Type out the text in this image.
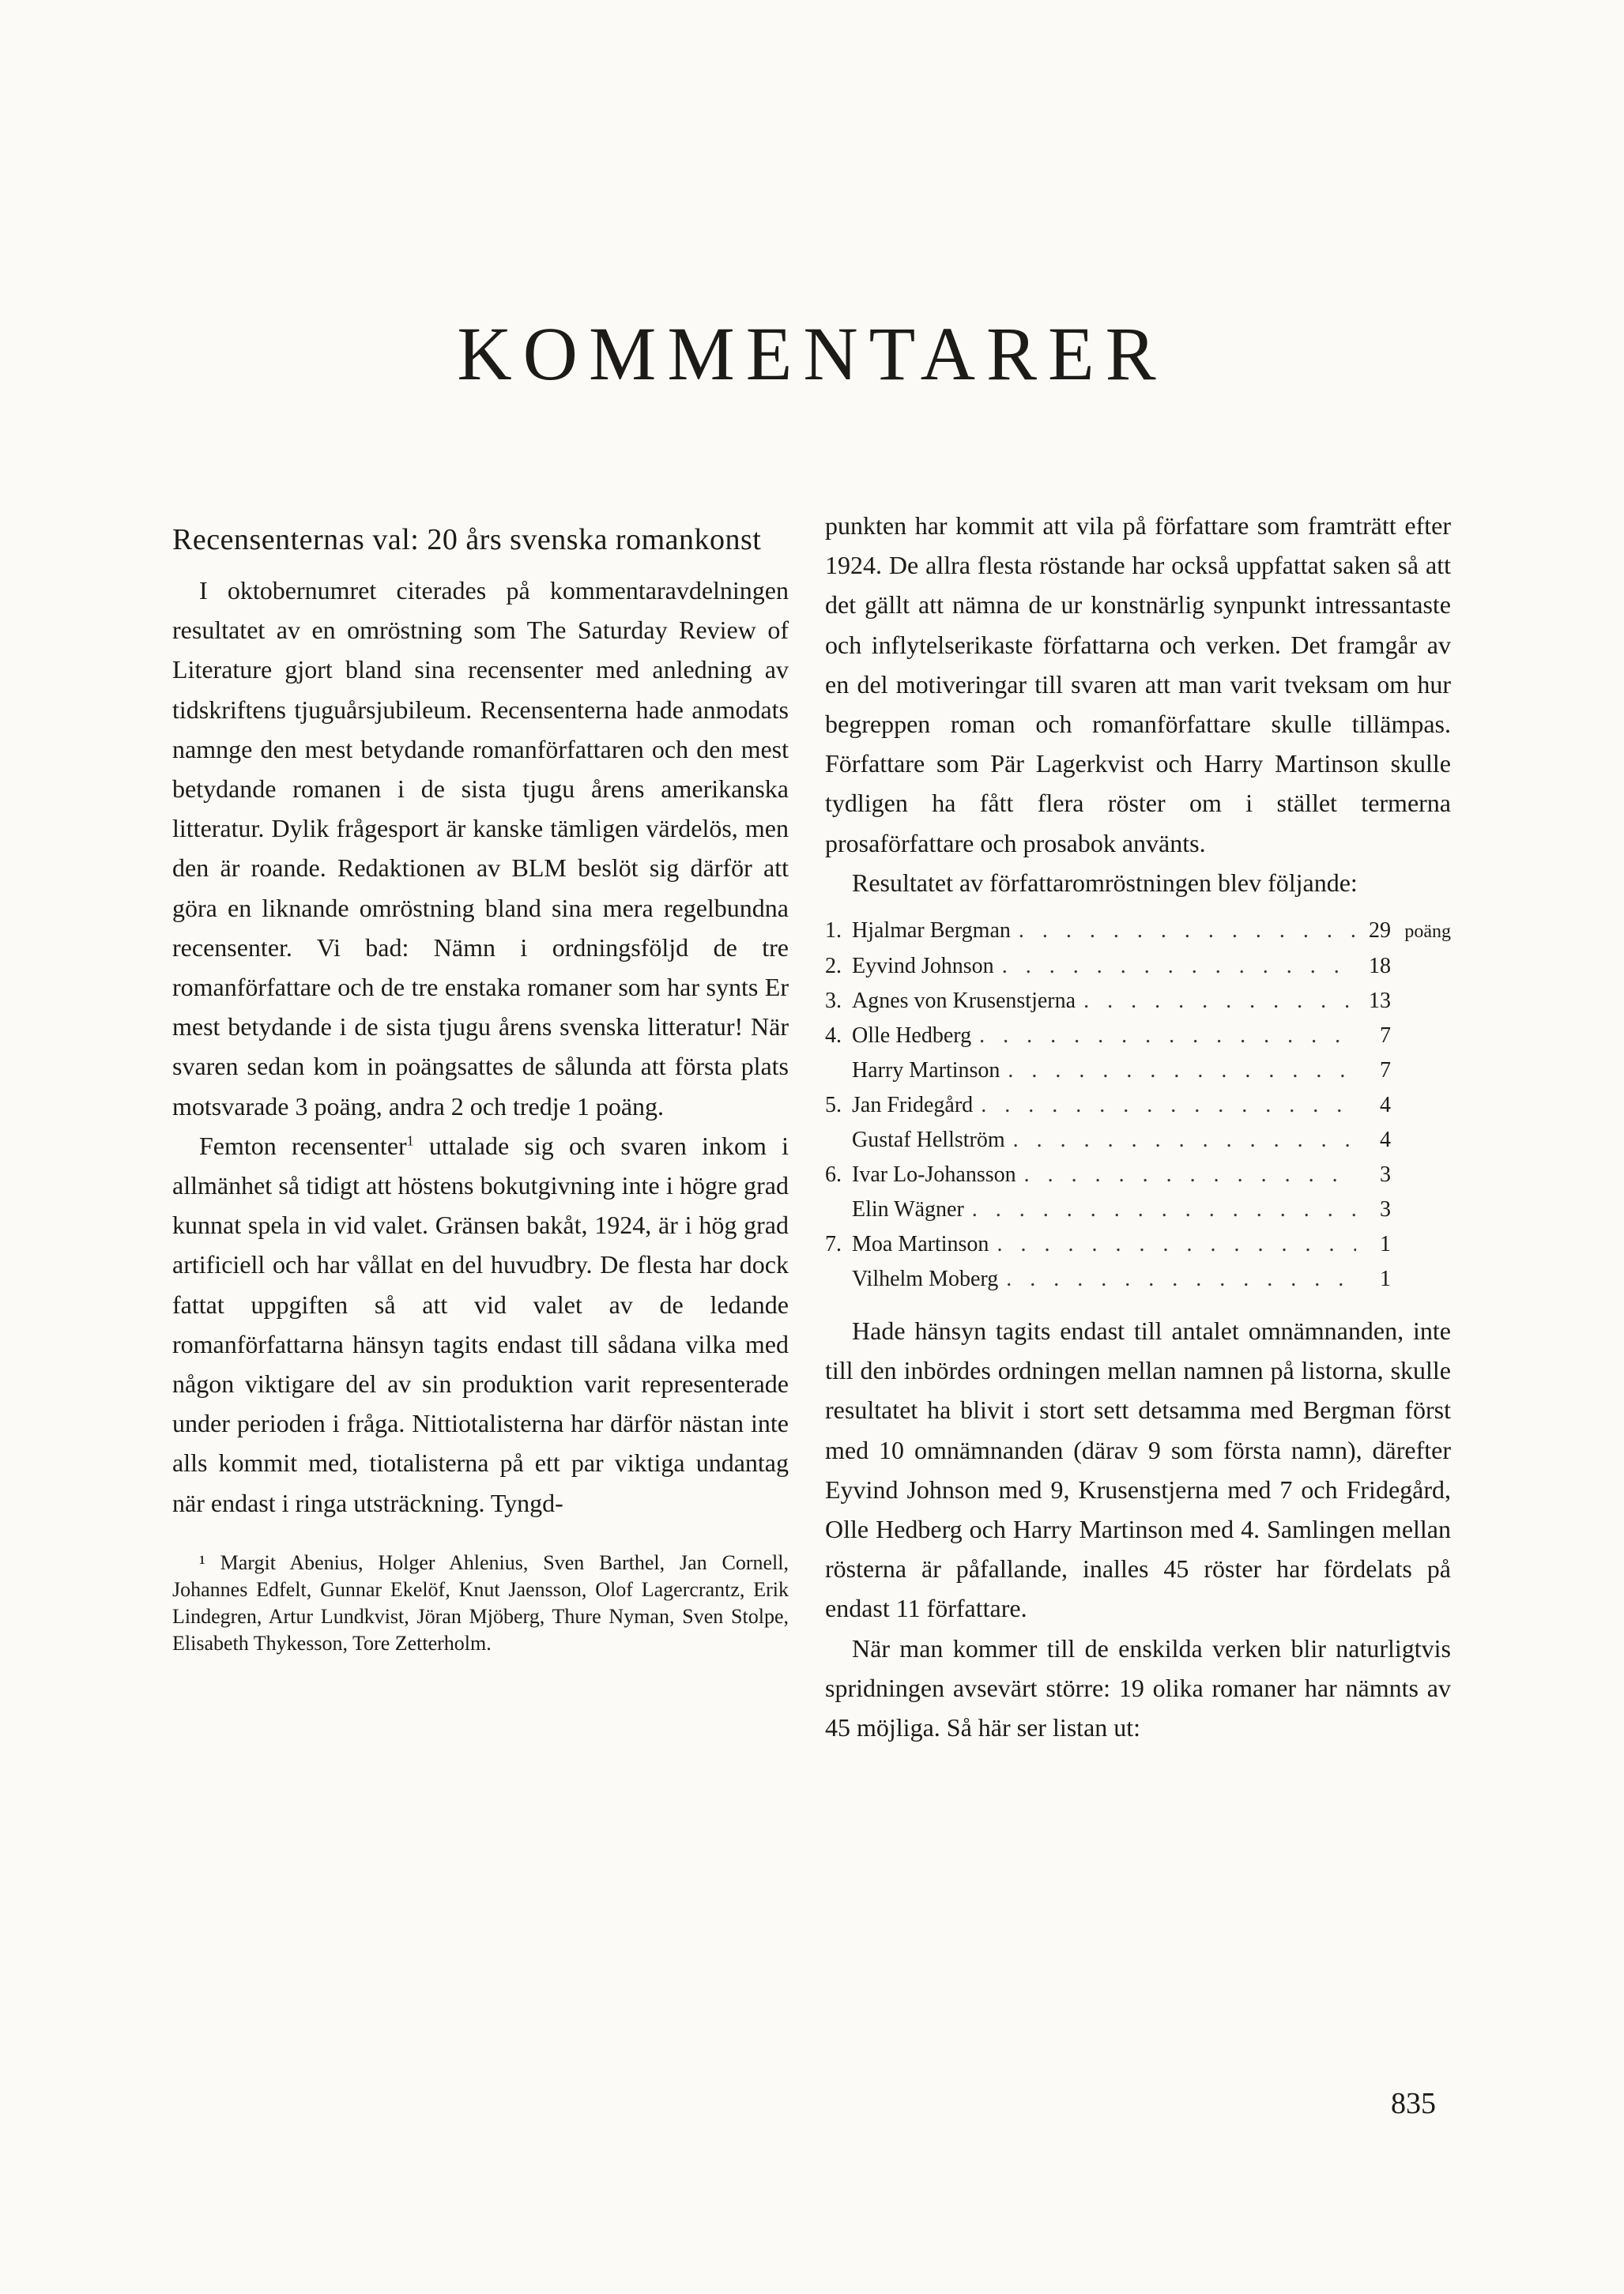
KOMMENTARER
Recensenternas val: 20 års svenska romankonst

I oktobernumret citerades på kommentaravdelningen resultatet av en omröstning som The Saturday Review of Literature gjort bland sina recensenter med anledning av tidskriftens tjuguårsjubileum. Recensenterna hade anmodats namnge den mest betydande romanförfattaren och den mest betydande romanen i de sista tjugu årens amerikanska litteratur. Dylik frågesport är kanske tämligen värdelös, men den är roande. Redaktionen av BLM beslöt sig därför att göra en liknande omröstning bland sina mera regelbundna recensenter. Vi bad: Nämn i ordningsföljd de tre romanförfattare och de tre enstaka romaner som har synts Er mest betydande i de sista tjugu årens svenska litteratur! När svaren sedan kom in poängsattes de sålunda att första plats motsvarade 3 poäng, andra 2 och tredje 1 poäng.

Femton recensenter$^1$ uttalade sig och svaren inkom i allmänhet så tidigt att höstens bokutgivning inte i högre grad kunnat spela in vid valet. Gränsen bakåt, 1924, är i hög grad artificiell och har vållat en del huvudbry. De flesta har dock fattat uppgiften så att vid valet av de ledande romanförfattarna hänsyn tagits endast till sådana vilka med någon viktigare del av sin produktion varit representerade under perioden i fråga. Nittiotalisterna har därför nästan inte alls kommit med, tiotalisterna på ett par viktiga undantag när endast i ringa utsträckning. Tyngd-

¹ Margit Abenius, Holger Ahlenius, Sven Barthel, Jan Cornell, Johannes Edfelt, Gunnar Ekelöf, Knut Jaensson, Olof Lagercrantz, Erik Lindegren, Artur Lundkvist, Jöran Mjöberg, Thure Nyman, Sven Stolpe, Elisabeth Thykesson, Tore Zetterholm.

punkten har kommit att vila på författare som framträtt efter 1924. De allra flesta röstande har också uppfattat saken så att det gällt att nämna de ur konstnärlig synpunkt intressantaste och inflytelserikaste författarna och verken. Det framgår av en del motiveringar till svaren att man varit tveksam om hur begreppen roman och romanförfattare skulle tillämpas. Författare som Pär Lagerkvist och Harry Martinson skulle tydligen ha fått flera röster om i stället termerna prosaförfattare och prosabok använts.

Resultatet av författaromröstningen blev följande:

1. Hjalmar Bergman . . .	29 poäng
2. Eyvind Johnson . . .	18
3. Agnes von Krusenstjerna . . .	13
4. Olle Hedberg . . .	7
Harry Martinson . . .	7
5. Jan Fridegård . . .	4
Gustaf Hellström . . .	4
6. Ivar Lo-Johansson . . .	3
Elin Wägner . . .	3
7. Moa Martinson . . .	1
Vilhelm Moberg . . .	1

Hade hänsyn tagits endast till antalet omnämnanden, inte till den inbördes ordningen mellan namnen på listorna, skulle resultatet ha blivit i stort sett detsamma med Bergman först med 10 omnämnanden (därav 9 som första namn), därefter Eyvind Johnson med 9, Krusenstjerna med 7 och Fridegård, Olle Hedberg och Harry Martinson med 4. Samlingen mellan rösterna är påfallande, inalles 45 röster har fördelats på endast 11 författare.

När man kommer till de enskilda verken blir naturligtvis spridningen avsevärt större: 19 olika romaner har nämnts av 45 möjliga. Så här ser listan ut:

835
